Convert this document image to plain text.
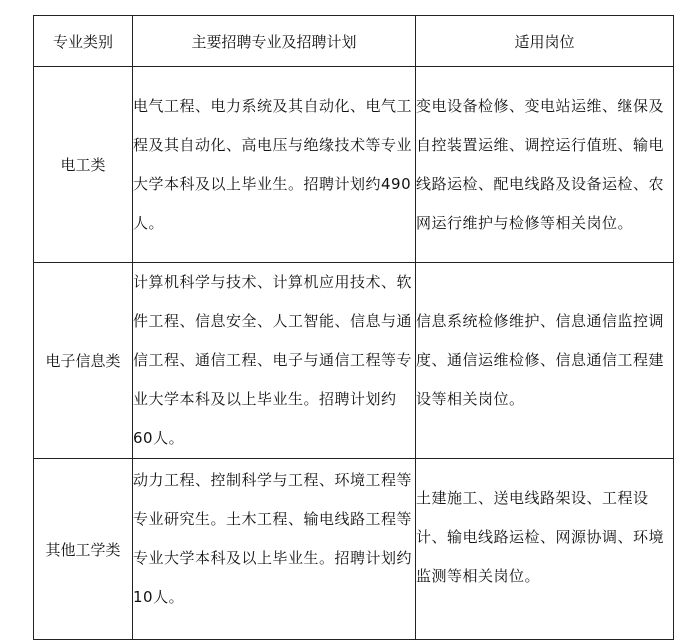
专业类别	主要招聘专业及招聘计划	适用岗位
电工类	电气工程、电力系统及其自动化、电气工程及其自动化、高电压与绝缘技术等专业大学本科及以上毕业生。招聘计划约490人。	变电设备检修、变电站运维、继保及自控装置运维、调控运行值班、输电线路运检、配电线路及设备运检、农网运行维护与检修等相关岗位。
电子信息类	计算机科学与技术、计算机应用技术、软件工程、信息安全、人工智能、信息与通信工程、通信工程、电子与通信工程等专业大学本科及以上毕业生。招聘计划约60人。	信息系统检修维护、信息通信监控调度、通信运维检修、信息通信工程建设等相关岗位。
其他工学类	动力工程、控制科学与工程、环境工程等专业研究生。土木工程、输电线路工程等专业大学本科及以上毕业生。招聘计划约10人。	土建施工、送电线路架设、工程设计、输电线路运检、网源协调、环境监测等相关岗位。
